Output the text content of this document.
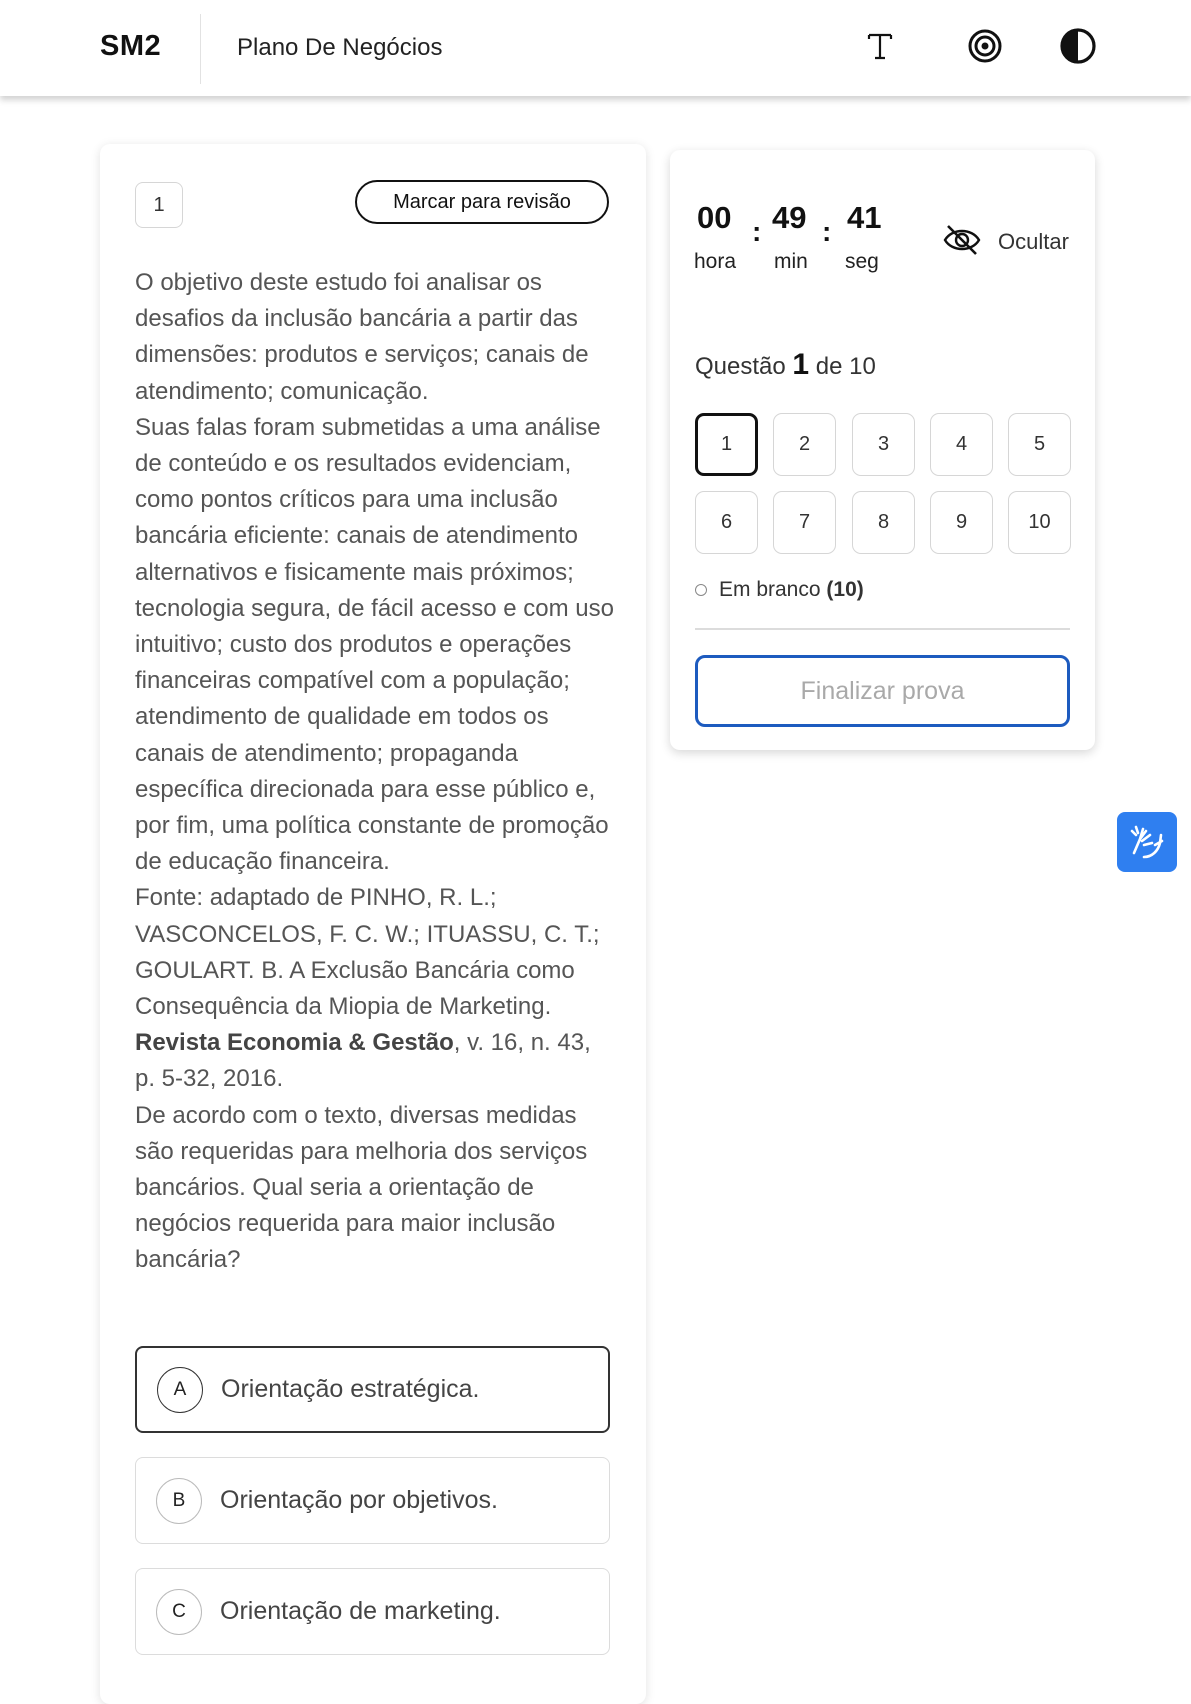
SM2	Plano De Negócios
1	Marcar para revisão

O objetivo deste estudo foi analisar os desafios da inclusão bancária a partir das dimensões: produtos e serviços; canais de atendimento; comunicação.

Suas falas foram submetidas a uma análise de conteúdo e os resultados evidenciam, como pontos críticos para uma inclusão bancária eficiente: canais de atendimento alternativos e fisicamente mais próximos; tecnologia segura, de fácil acesso e com uso intuitivo; custo dos produtos e operações financeiras compatível com a população; atendimento de qualidade em todos os canais de atendimento; propaganda específica direcionada para esse público e, por fim, uma política constante de promoção de educação financeira.

Fonte: adaptado de PINHO, R. L.; VASCONCELOS, F. C. W.; ITUASSU, C. T.; GOULART. B. A Exclusão Bancária como Consequência da Miopia de Marketing. Revista Economia & Gestão, v. 16, n. 43, p. 5-32, 2016.

De acordo com o texto, diversas medidas são requeridas para melhoria dos serviços bancários. Qual seria a orientação de negócios requerida para maior inclusão bancária?

A	Orientação estratégica.
B	Orientação por objetivos.
C	Orientação de marketing.
00
hora
: 49
min
: 41
seg
Ocultar
Questão 1 de 10
1	2	3	4	5
6	7	8	9	10
Em branco
(10)
Finalizar prova
